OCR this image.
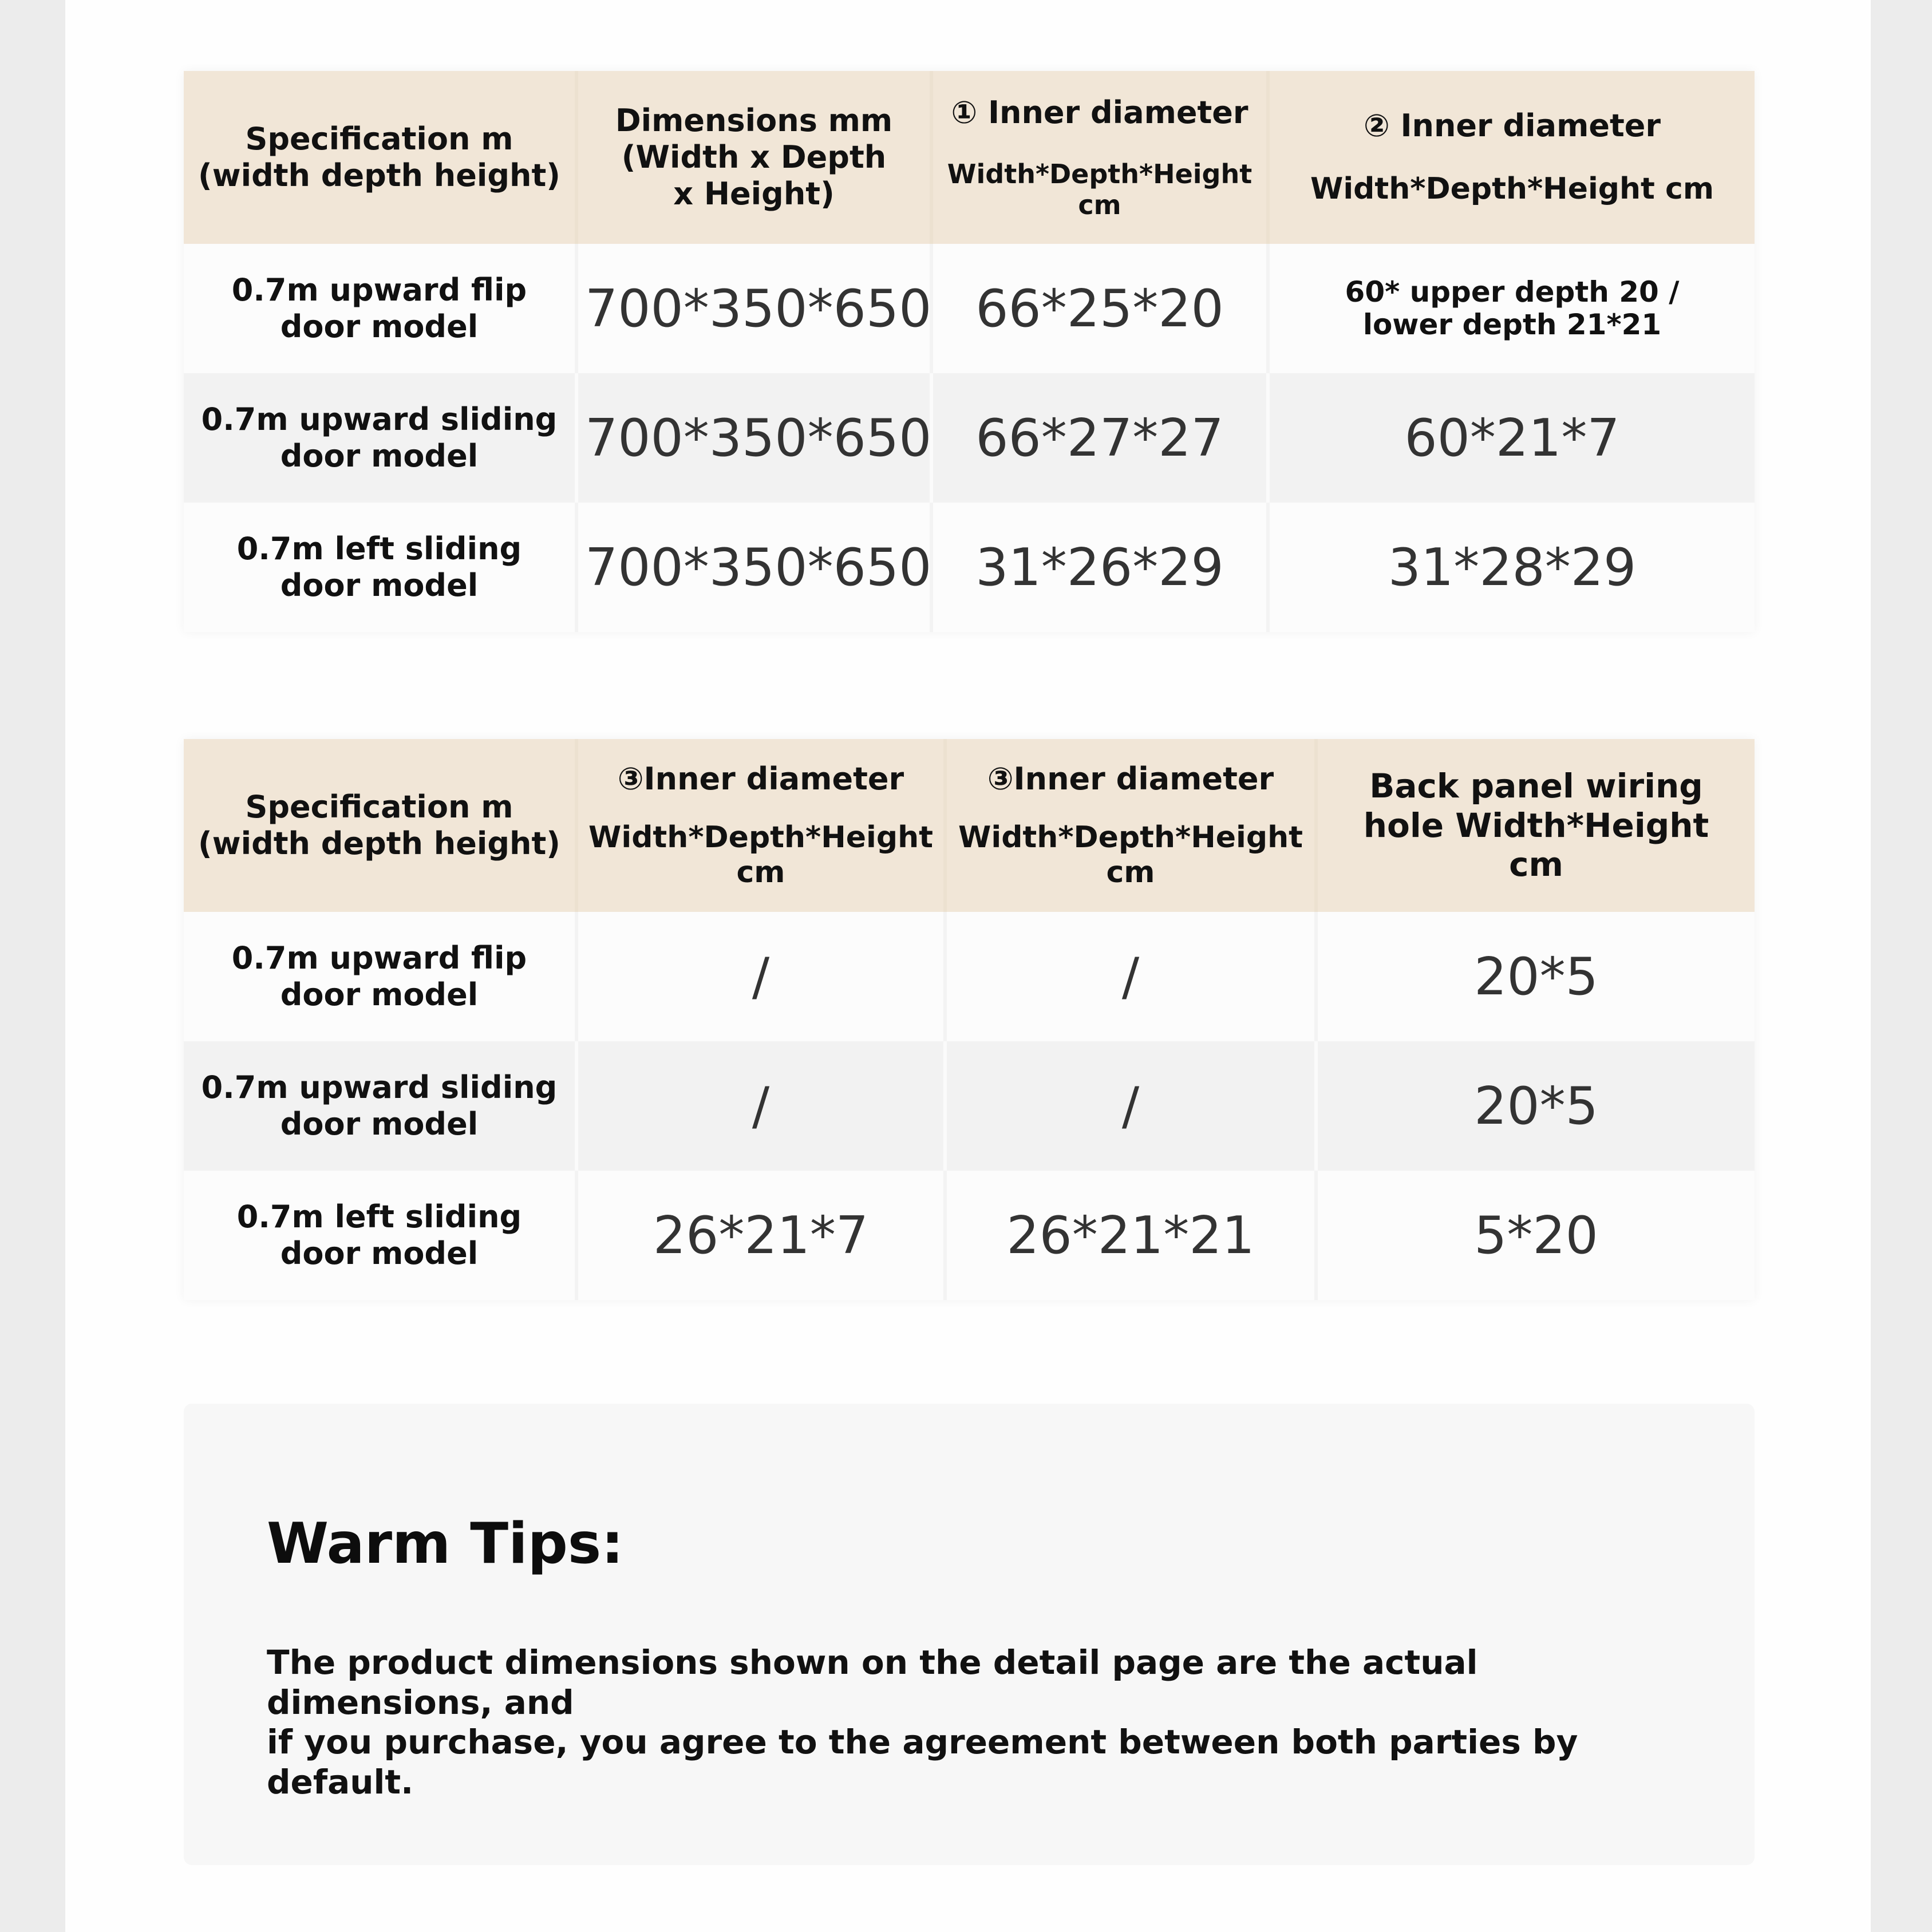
Specification m
(width depth height)	Dimensions mm
(Width x Depth
x Height)	① Inner diameter
Width*Depth*Height cm	② Inner diameter
Width*Depth*Height cm

0.7m upward flip
door model	700*350*650	66*25*20	60* upper depth 20 /
lower depth 21*21
0.7m upward sliding
door model	700*350*650	66*27*27	60*21*7
0.7m left sliding
door model	700*350*650	31*26*29	31*28*29
Specification m
(width depth height)	③Inner diameter
Width*Depth*Height
cm	③Inner diameter
Width*Depth*Height
cm	Back panel wiring
hole Width*Height
cm
0.7m upward flip
door model	/	/	20*5
0.7m upward sliding
door model	/	/	20*5
0.7m left sliding
door model	26*21*7	26*21*21	5*20
Warm Tips:
The product dimensions shown on the detail page are the actual dimensions, and
if you purchase, you agree to the agreement between both parties by default.
